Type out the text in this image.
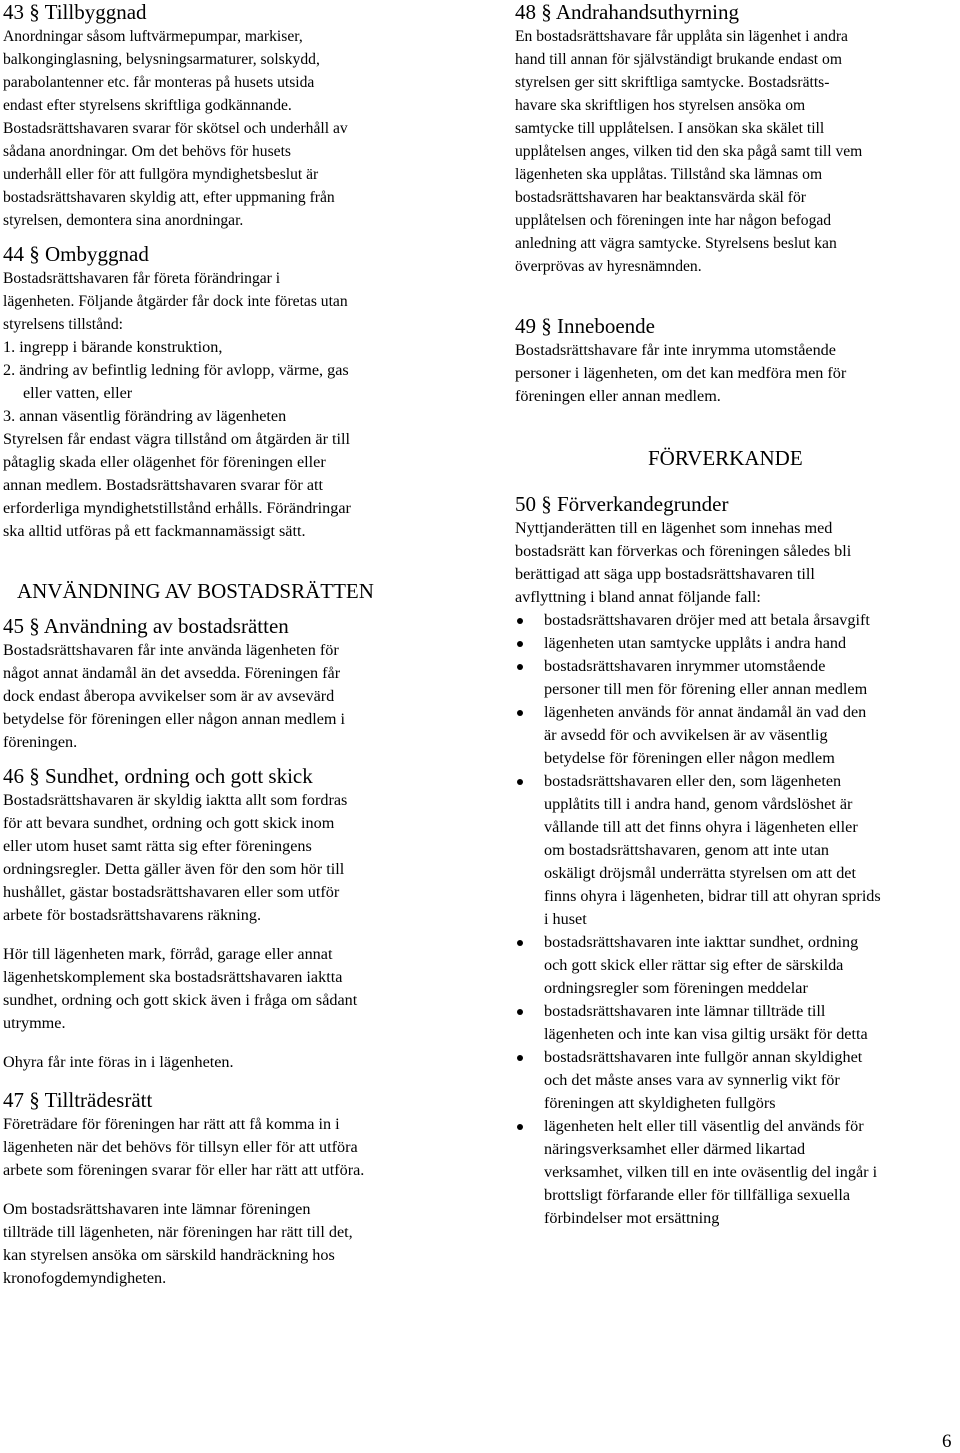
43 § Tillbyggnad

Anordningar såsom luftvärmepumpar, markiser,

balkonginglasning, belysningsarmaturer, solskydd,

parabolantenner etc. får monteras på husets utsida

endast efter styrelsens skriftliga godkännande.

Bostadsrättshavaren svarar för skötsel och underhåll av

sådana anordningar. Om det behövs för husets

underhåll eller för att fullgöra myndighetsbeslut är

bostadsrättshavaren skyldig att, efter uppmaning från

styrelsen, demontera sina anordningar.

44 § Ombyggnad

Bostadsrättshavaren får företa förändringar i

lägenheten. Följande åtgärder får dock inte företas utan

styrelsens tillstånd:

1. ingrepp i bärande konstruktion,

2. ändring av befintlig ledning för avlopp, värme, gas

eller vatten, eller

3. annan väsentlig förändring av lägenheten

Styrelsen får endast vägra tillstånd om åtgärden är till

påtaglig skada eller olägenhet för föreningen eller

annan medlem. Bostadsrättshavaren svarar för att

erforderliga myndighetstillstånd erhålls. Förändringar

ska alltid utföras på ett fackmannamässigt sätt.

ANVÄNDNING AV BOSTADSRÄTTEN
45 § Användning av bostadsrätten

Bostadsrättshavaren får inte använda lägenheten för

något annat ändamål än det avsedda. Föreningen får

dock endast åberopa avvikelser som är av avsevärd

betydelse för föreningen eller någon annan medlem i

föreningen.

46 § Sundhet, ordning och gott skick

Bostadsrättshavaren är skyldig iaktta allt som fordras

för att bevara sundhet, ordning och gott skick inom

eller utom huset samt rätta sig efter föreningens

ordningsregler. Detta gäller även för den som hör till

hushållet, gästar bostadsrättshavaren eller som utför

arbete för bostadsrättshavarens räkning.

Hör till lägenheten mark, förråd, garage eller annat

lägenhetskomplement ska bostadsrättshavaren iaktta

sundhet, ordning och gott skick även i fråga om sådant

utrymme.

Ohyra får inte föras in i lägenheten.

47 § Tillträdesrätt

Företrädare för föreningen har rätt att få komma in i

lägenheten när det behövs för tillsyn eller för att utföra

arbete som föreningen svarar för eller har rätt att utföra.

Om bostadsrättshavaren inte lämnar föreningen

tillträde till lägenheten, när föreningen har rätt till det,

kan styrelsen ansöka om särskild handräckning hos

kronofogdemyndigheten.

48 § Andrahandsuthyrning

En bostadsrättshavare får upplåta sin lägenhet i andra

hand till annan för självständigt brukande endast om

styrelsen ger sitt skriftliga samtycke. Bostadsrätts-

havare ska skriftligen hos styrelsen ansöka om

samtycke till upplåtelsen. I ansökan ska skälet till

upplåtelsen anges, vilken tid den ska pågå samt till vem

lägenheten ska upplåtas. Tillstånd ska lämnas om

bostadsrättshavaren har beaktansvärda skäl för

upplåtelsen och föreningen inte har någon befogad

anledning att vägra samtycke. Styrelsens beslut kan

överprövas av hyresnämnden.

49 § Inneboende

Bostadsrättshavare får inte inrymma utomstående

personer i lägenheten, om det kan medföra men för

föreningen eller annan medlem.

FÖRVERKANDE
50 § Förverkandegrunder

Nyttjanderätten till en lägenhet som innehas med

bostadsrätt kan förverkas och föreningen således bli

berättigad att säga upp bostadsrättshavaren till

avflyttning i bland annat följande fall:

bostadsrättshavaren dröjer med att betala årsavgift
lägenheten utan samtycke upplåts i andra hand
bostadsrättshavaren inrymmer utomstående
personer till men för förening eller annan medlem
lägenheten används för annat ändamål än vad den
är avsedd för och avvikelsen är av väsentlig
betydelse för föreningen eller någon medlem
bostadsrättshavaren eller den, som lägenheten
upplåtits till i andra hand, genom vårdslöshet är
vållande till att det finns ohyra i lägenheten eller
om bostadsrättshavaren, genom att inte utan
oskäligt dröjsmål underrätta styrelsen om att det
finns ohyra i lägenheten, bidrar till att ohyran sprids
i huset
bostadsrättshavaren inte iakttar sundhet, ordning
och gott skick eller rättar sig efter de särskilda
ordningsregler som föreningen meddelar
bostadsrättshavaren inte lämnar tillträde till
lägenheten och inte kan visa giltig ursäkt för detta
bostadsrättshavaren inte fullgör annan skyldighet
och det måste anses vara av synnerlig vikt för
föreningen att skyldigheten fullgörs
lägenheten helt eller till väsentlig del används för
näringsverksamhet eller därmed likartad
verksamhet, vilken till en inte oväsentlig del ingår i
brottsligt förfarande eller för tillfälliga sexuella
förbindelser mot ersättning
6
